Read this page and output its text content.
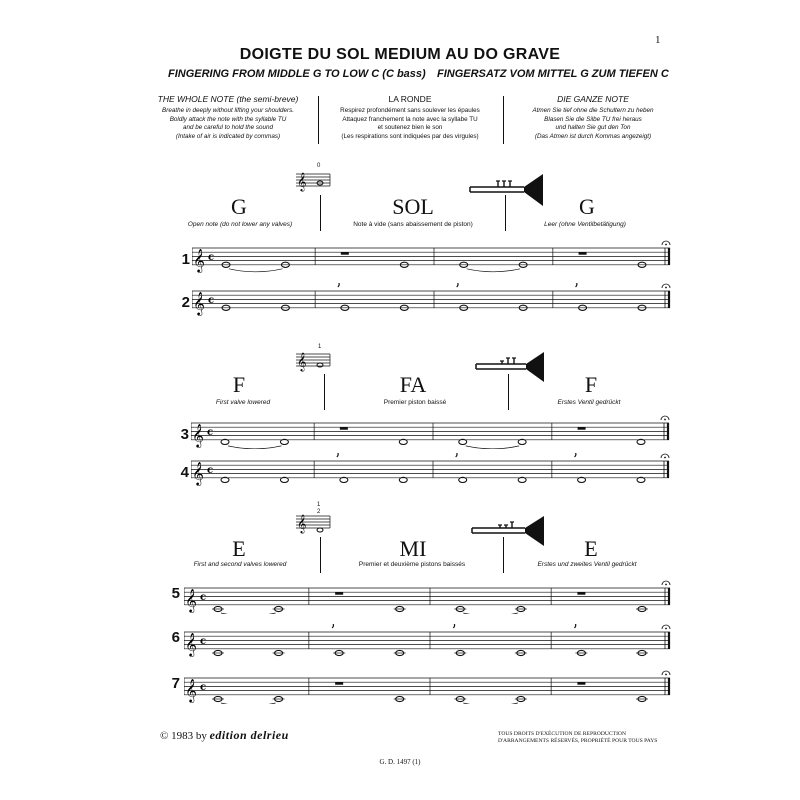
1
DOIGTE DU SOL MEDIUM AU DO GRAVE
FINGERING FROM MIDDLE G TO LOW C (C bass) FINGERSATZ VOM MITTEL G ZUM TIEFEN C
THE WHOLE NOTE (the semi-breve)
Breathe in deeply without lifting your shoulders.
Boldly attack the note with the syllable TU
and be careful to hold the sound
(Intake of air is indicated by commas)
LA RONDE
Respirez profondément sans soulever les épaules
Attaquez franchement la note avec la syllabe TU
et soutenez bien le son
(Les respirations sont indiquées par des virgules)
DIE GANZE NOTE
Atmen Sie tief ohne die Schultern zu heben
Blasen Sie die Silbe TU frei heraus
und halten Sie gut den Ton
(Das Atmen ist durch Kommas angezeigt)
𝄞
0
G	SOL	G
Open note (do not lower any valves)	Note à vide (sans abaissement de piston)	Leer (ohne Ventilbetätigung)
1 𝄞 c
2 𝄞 c
𝄞
1
F	FA	F
First valve lowered	Premier piston baissé	Erstes Ventil gedrückt
3 𝄞 c
4 𝄞 c
𝄞
1 2
E	MI	E
First and second valves lowered	Premier et deuxième pistons baissés	Erstes und zweites Ventil gedrückt
5 𝄞 c
6 𝄞 c
7 𝄞 c
© 1983 by edition delrieu	TOUS DROITS D'EXÉCUTION DE REPRODUCTION
D'ARRANGEMENTS RÉSERVÉS, PROPRIÉTÉ POUR TOUS PAYS
G. D. 1497 (1)
